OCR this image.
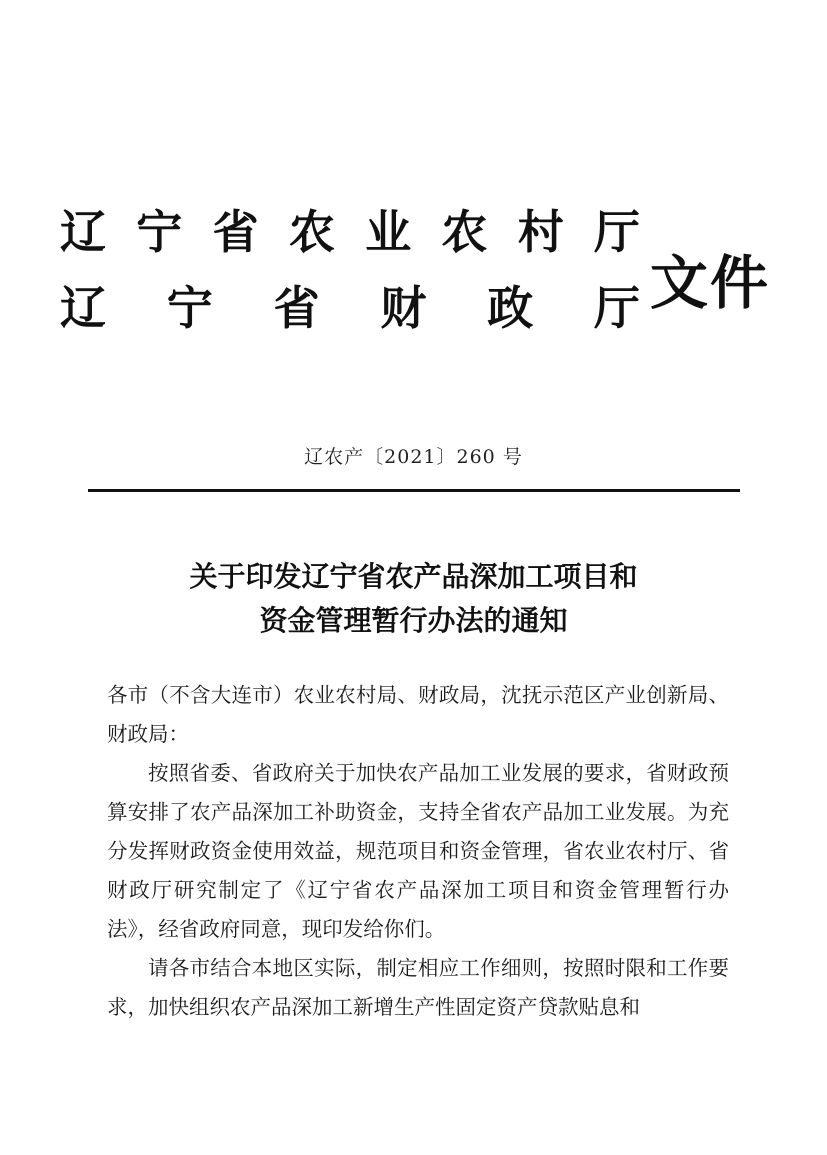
辽 宁 省 农 业 农 村 厅
辽 宁 省 财 政 厅 文件
辽农产〔2021〕260 号
关于印发辽宁省农产品深加工项目和
资金管理暂行办法的通知

各市（不含大连市）农业农村局、财政局，沈抚示范区产业创新局、财政局：

按照省委、省政府关于加快农产品加工业发展的要求，省财政预算安排了农产品深加工补助资金，支持全省农产品加工业发展。为充分发挥财政资金使用效益，规范项目和资金管理，省农业农村厅、省财政厅研究制定了《辽宁省农产品深加工项目和资金管理暂行办法》，经省政府同意，现印发给你们。

请各市结合本地区实际，制定相应工作细则，按照时限和工作要求，加快组织农产品深加工新增生产性固定资产贷款贴息和
